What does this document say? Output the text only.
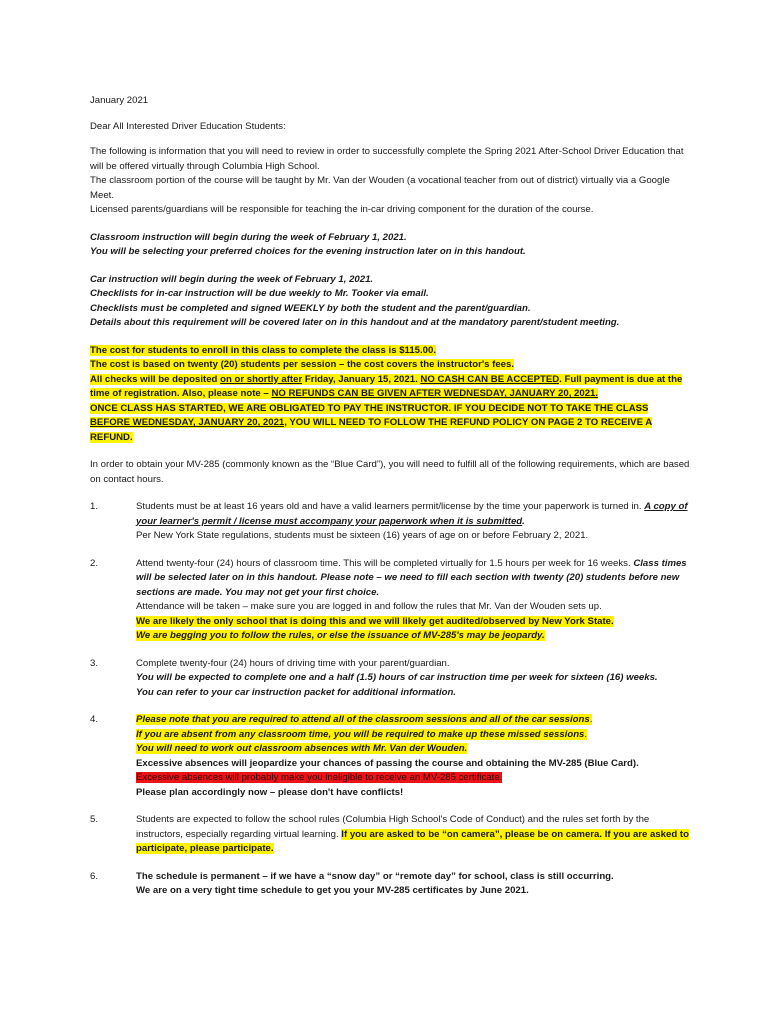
January 2021

Dear All Interested Driver Education Students:

The following is information that you will need to review in order to successfully complete the Spring 2021 After-School Driver Education that will be offered virtually through Columbia High School.

The classroom portion of the course will be taught by Mr. Van der Wouden (a vocational teacher from out of district) virtually via a Google Meet.

Licensed parents/guardians will be responsible for teaching the in-car driving component for the duration of the course.

Classroom instruction will begin during the week of February 1, 2021.

You will be selecting your preferred choices for the evening instruction later on in this handout.

Car instruction will begin during the week of February 1, 2021.

Checklists for in-car instruction will be due weekly to Mr. Tooker via email.

Checklists must be completed and signed WEEKLY by both the student and the parent/guardian.

Details about this requirement will be covered later on in this handout and at the mandatory parent/student meeting.

The cost for students to enroll in this class to complete the class is $115.00.

The cost is based on twenty (20) students per session – the cost covers the instructor's fees.

All checks will be deposited on or shortly after Friday, January 15, 2021. NO CASH CAN BE ACCEPTED. Full payment is due at the time of registration. Also, please note – NO REFUNDS CAN BE GIVEN AFTER WEDNESDAY, JANUARY 20, 2021.

ONCE CLASS HAS STARTED, WE ARE OBLIGATED TO PAY THE INSTRUCTOR. IF YOU DECIDE NOT TO TAKE THE CLASS BEFORE WEDNESDAY, JANUARY 20, 2021, YOU WILL NEED TO FOLLOW THE REFUND POLICY ON PAGE 2 TO RECEIVE A REFUND.

In order to obtain your MV-285 (commonly known as the “Blue Card”), you will need to fulfill all of the following requirements, which are based on contact hours.

1.	Students must be at least 16 years old and have a valid learners permit/license by the time your paperwork is turned in. A copy of your learner's permit / license must accompany your paperwork when it is submitted.

Per New York State regulations, students must be sixteen (16) years of age on or before February 2, 2021.

2.	Attend twenty-four (24) hours of classroom time. This will be completed virtually for 1.5 hours per week for 16 weeks. Class times will be selected later on in this handout. Please note – we need to fill each section with twenty (20) students before new sections are made. You may not get your first choice.

Attendance will be taken – make sure you are logged in and follow the rules that Mr. Van der Wouden sets up.

We are likely the only school that is doing this and we will likely get audited/observed by New York State.

We are begging you to follow the rules, or else the issuance of MV-285's may be jeopardy.

3.	Complete twenty-four (24) hours of driving time with your parent/guardian.

You will be expected to complete one and a half (1.5) hours of car instruction time per week for sixteen (16) weeks.

You can refer to your car instruction packet for additional information.

4.	Please note that you are required to attend all of the classroom sessions and all of the car sessions.

If you are absent from any classroom time, you will be required to make up these missed sessions.

You will need to work out classroom absences with Mr. Van der Wouden.

Excessive absences will jeopardize your chances of passing the course and obtaining the MV-285 (Blue Card).

Excessive absences will probably make you ineligible to receive an MV-285 certificate.

Please plan accordingly now – please don't have conflicts!

5.	Students are expected to follow the school rules (Columbia High School's Code of Conduct) and the rules set forth by the instructors, especially regarding virtual learning. If you are asked to be “on camera”, please be on camera. If you are asked to participate, please participate.

6.	The schedule is permanent – if we have a “snow day” or “remote day” for school, class is still occurring.

We are on a very tight time schedule to get you your MV-285 certificates by June 2021.
